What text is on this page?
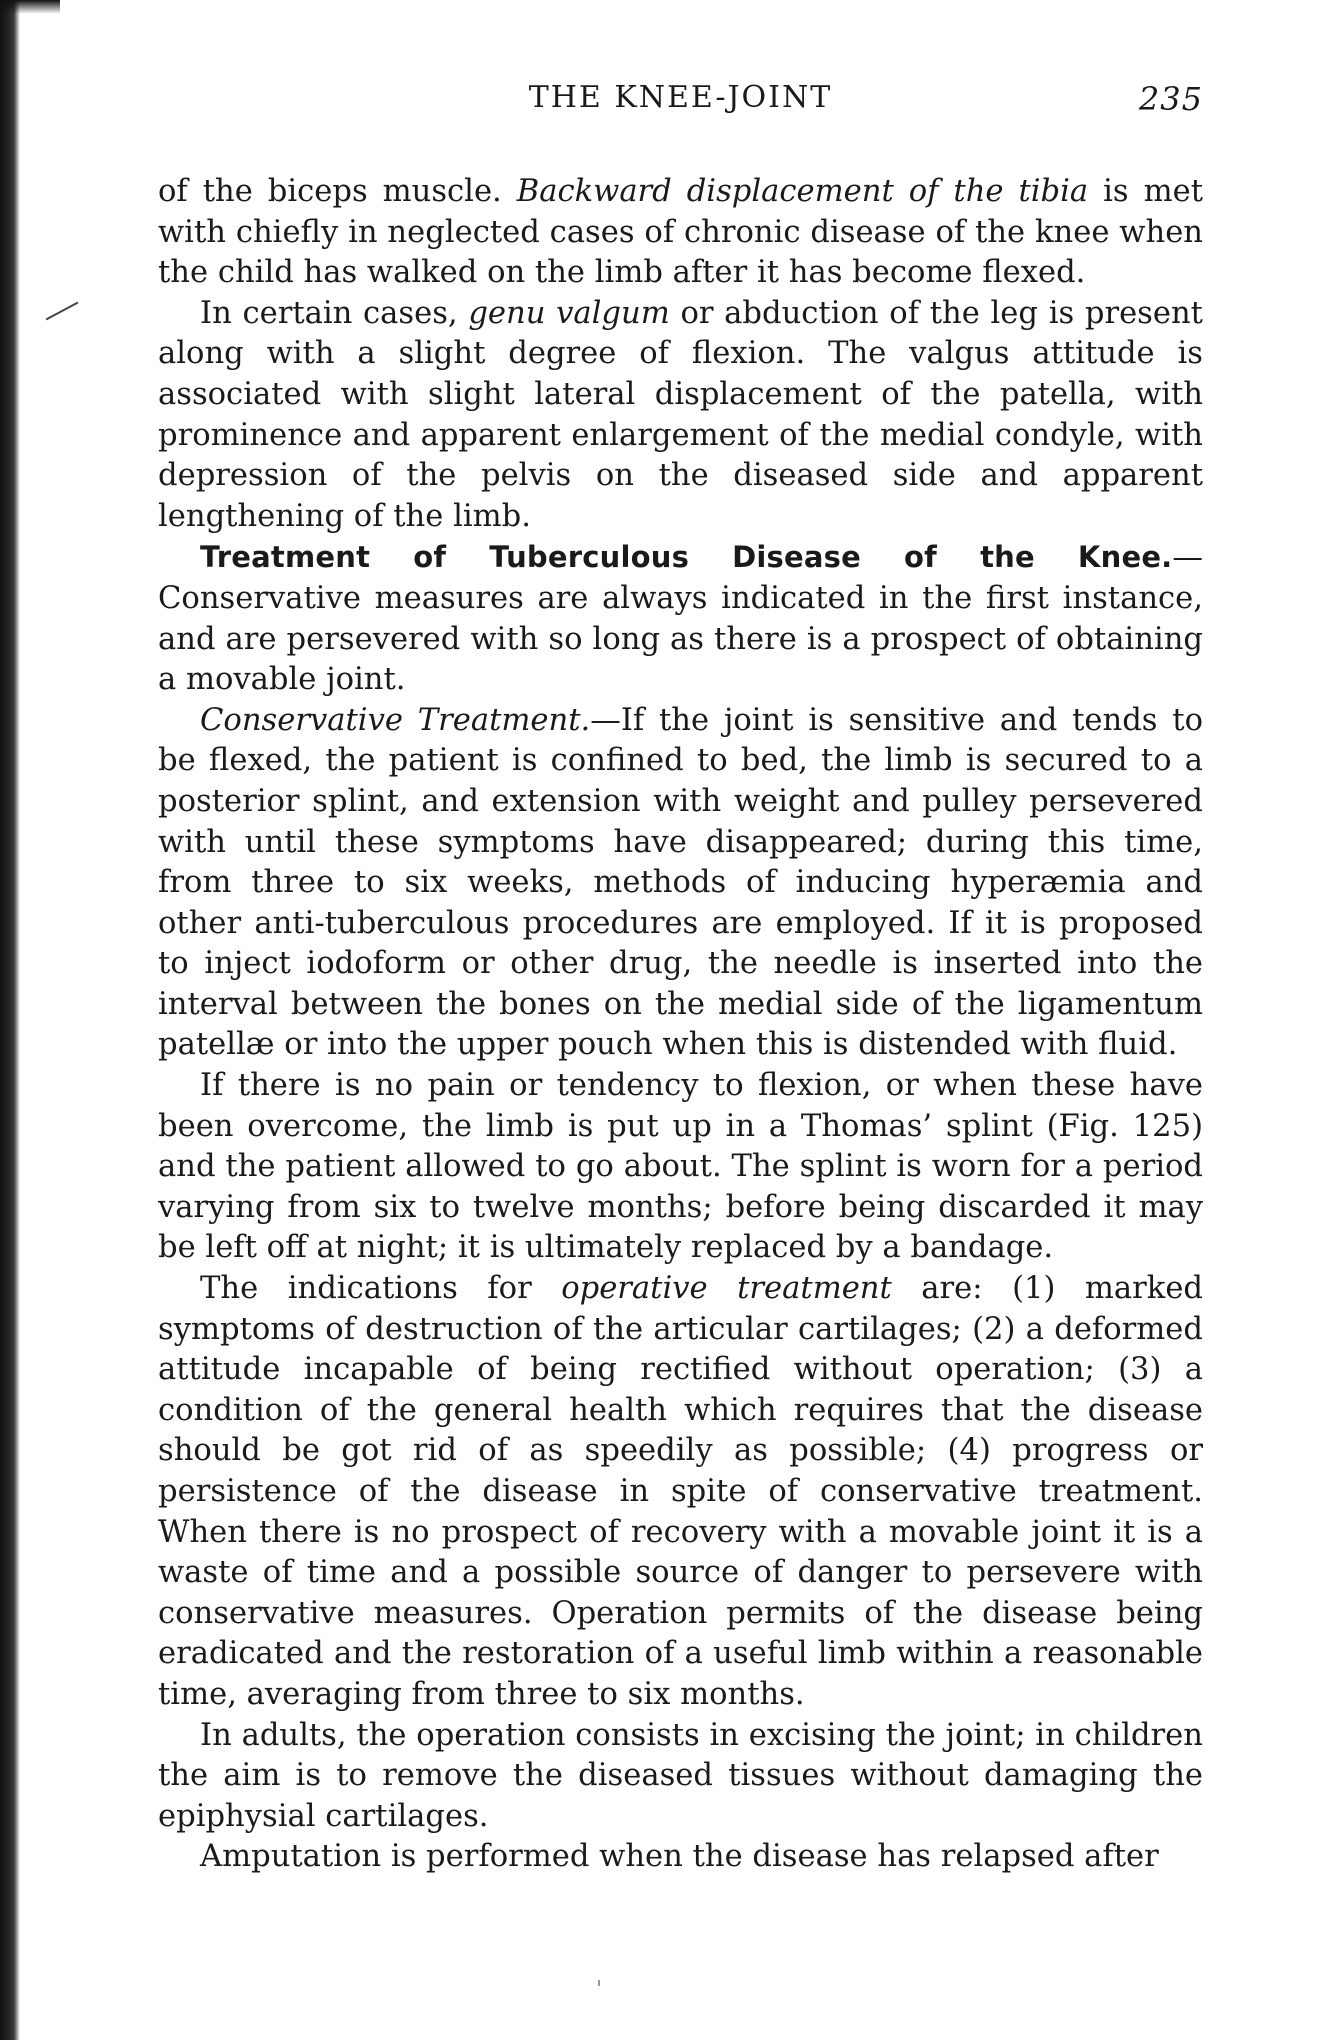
THE KNEE-JOINT	235

of the biceps muscle. Backward displacement of the tibia is met with chiefly in neglected cases of chronic disease of the knee when the child has walked on the limb after it has become flexed.

In certain cases, genu valgum or abduction of the leg is present along with a slight degree of flexion. The valgus attitude is associated with slight lateral displacement of the patella, with prominence and apparent enlargement of the medial condyle, with depression of the pelvis on the diseased side and apparent lengthening of the limb.

Treatment of Tuberculous Disease of the Knee.—Conservative measures are always indicated in the first instance, and are persevered with so long as there is a prospect of obtaining a movable joint.

Conservative Treatment.—If the joint is sensitive and tends to be flexed, the patient is confined to bed, the limb is secured to a posterior splint, and extension with weight and pulley persevered with until these symptoms have disappeared; during this time, from three to six weeks, methods of inducing hyperæmia and other anti-tuberculous procedures are employed. If it is proposed to inject iodoform or other drug, the needle is inserted into the interval between the bones on the medial side of the ligamentum patellæ or into the upper pouch when this is distended with fluid.

If there is no pain or tendency to flexion, or when these have been overcome, the limb is put up in a Thomas’ splint (Fig. 125) and the patient allowed to go about. The splint is worn for a period varying from six to twelve months; before being discarded it may be left off at night; it is ultimately replaced by a bandage.

The indications for operative treatment are: (1) marked symptoms of destruction of the articular cartilages; (2) a deformed attitude incapable of being rectified without operation; (3) a condition of the general health which requires that the disease should be got rid of as speedily as possible; (4) progress or persistence of the disease in spite of conservative treatment. When there is no prospect of recovery with a movable joint it is a waste of time and a possible source of danger to persevere with conservative measures. Operation permits of the disease being eradicated and the restoration of a useful limb within a reasonable time, averaging from three to six months.

In adults, the operation consists in excising the joint; in children the aim is to remove the diseased tissues without damaging the epiphysial cartilages.

Amputation is performed when the disease has relapsed after
